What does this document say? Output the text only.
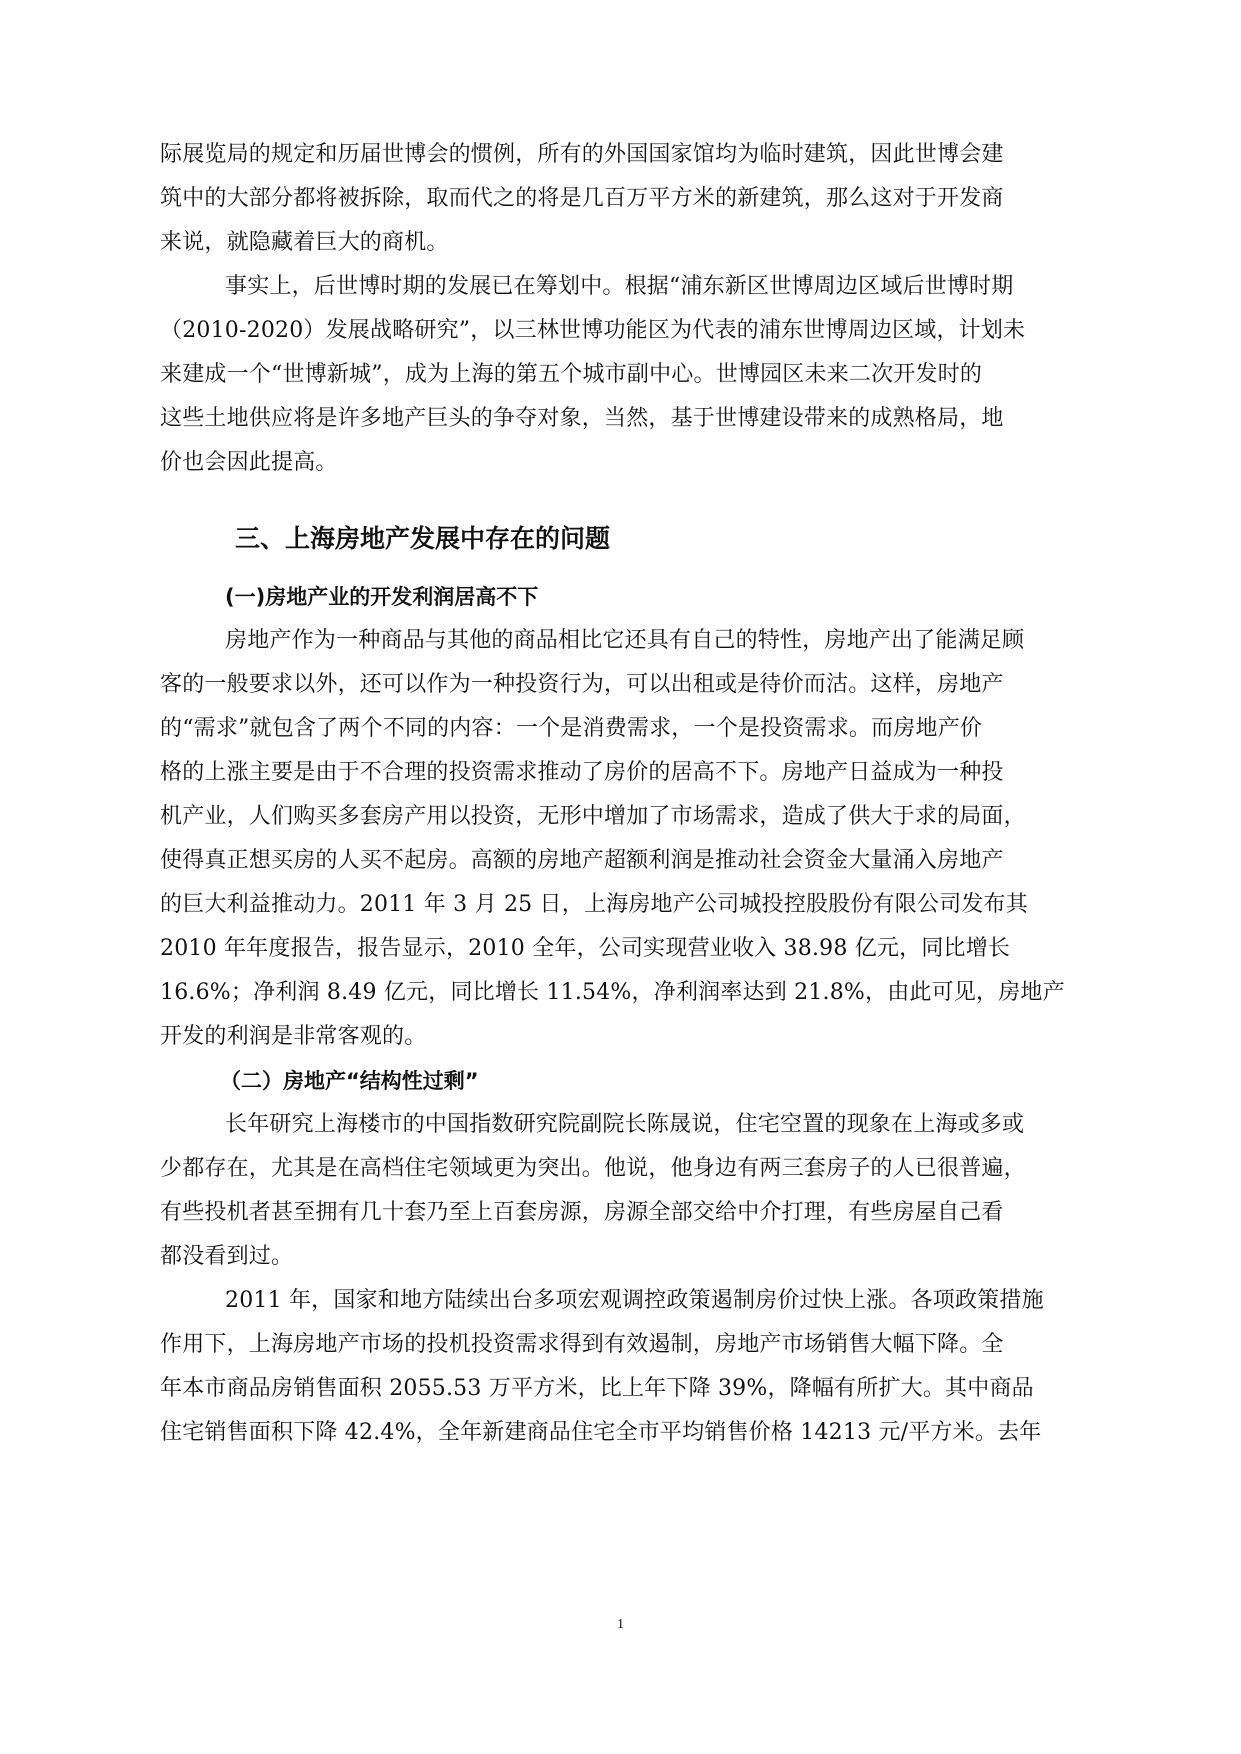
际展览局的规定和历届世博会的惯例，所有的外国国家馆均为临时建筑，因此世博会建
筑中的大部分都将被拆除，取而代之的将是几百万平方米的新建筑，那么这对于开发商
来说，就隐藏着巨大的商机。
事实上，后世博时期的发展已在筹划中。根据“浦东新区世博周边区域后世博时期
（2010-2020）发展战略研究”，以三林世博功能区为代表的浦东世博周边区域，计划未
来建成一个“世博新城”，成为上海的第五个城市副中心。世博园区未来二次开发时的
这些土地供应将是许多地产巨头的争夺对象，当然，基于世博建设带来的成熟格局，地
价也会因此提高。
三、上海房地产发展中存在的问题
(一)房地产业的开发利润居高不下
房地产作为一种商品与其他的商品相比它还具有自己的特性，房地产出了能满足顾
客的一般要求以外，还可以作为一种投资行为，可以出租或是待价而沽。这样，房地产
的“需求”就包含了两个不同的内容：一个是消费需求，一个是投资需求。而房地产价
格的上涨主要是由于不合理的投资需求推动了房价的居高不下。房地产日益成为一种投
机产业，人们购买多套房产用以投资，无形中增加了市场需求，造成了供大于求的局面，
使得真正想买房的人买不起房。高额的房地产超额利润是推动社会资金大量涌入房地产
的巨大利益推动力。2011 年 3 月 25 日，上海房地产公司城投控股股份有限公司发布其
2010 年年度报告，报告显示，2010 全年，公司实现营业收入 38.98 亿元，同比增长
16.6%；净利润 8.49 亿元，同比增长 11.54%，净利润率达到 21.8%，由此可见，房地产
开发的利润是非常客观的。
（二）房地产“结构性过剩”
长年研究上海楼市的中国指数研究院副院长陈晟说，住宅空置的现象在上海或多或
少都存在，尤其是在高档住宅领域更为突出。他说，他身边有两三套房子的人已很普遍，
有些投机者甚至拥有几十套乃至上百套房源，房源全部交给中介打理，有些房屋自己看
都没看到过。
2011 年，国家和地方陆续出台多项宏观调控政策遏制房价过快上涨。各项政策措施
作用下，上海房地产市场的投机投资需求得到有效遏制，房地产市场销售大幅下降。全
年本市商品房销售面积 2055.53 万平方米，比上年下降 39%，降幅有所扩大。其中商品
住宅销售面积下降 42.4%，全年新建商品住宅全市平均销售价格 14213 元/平方米。去年
1
